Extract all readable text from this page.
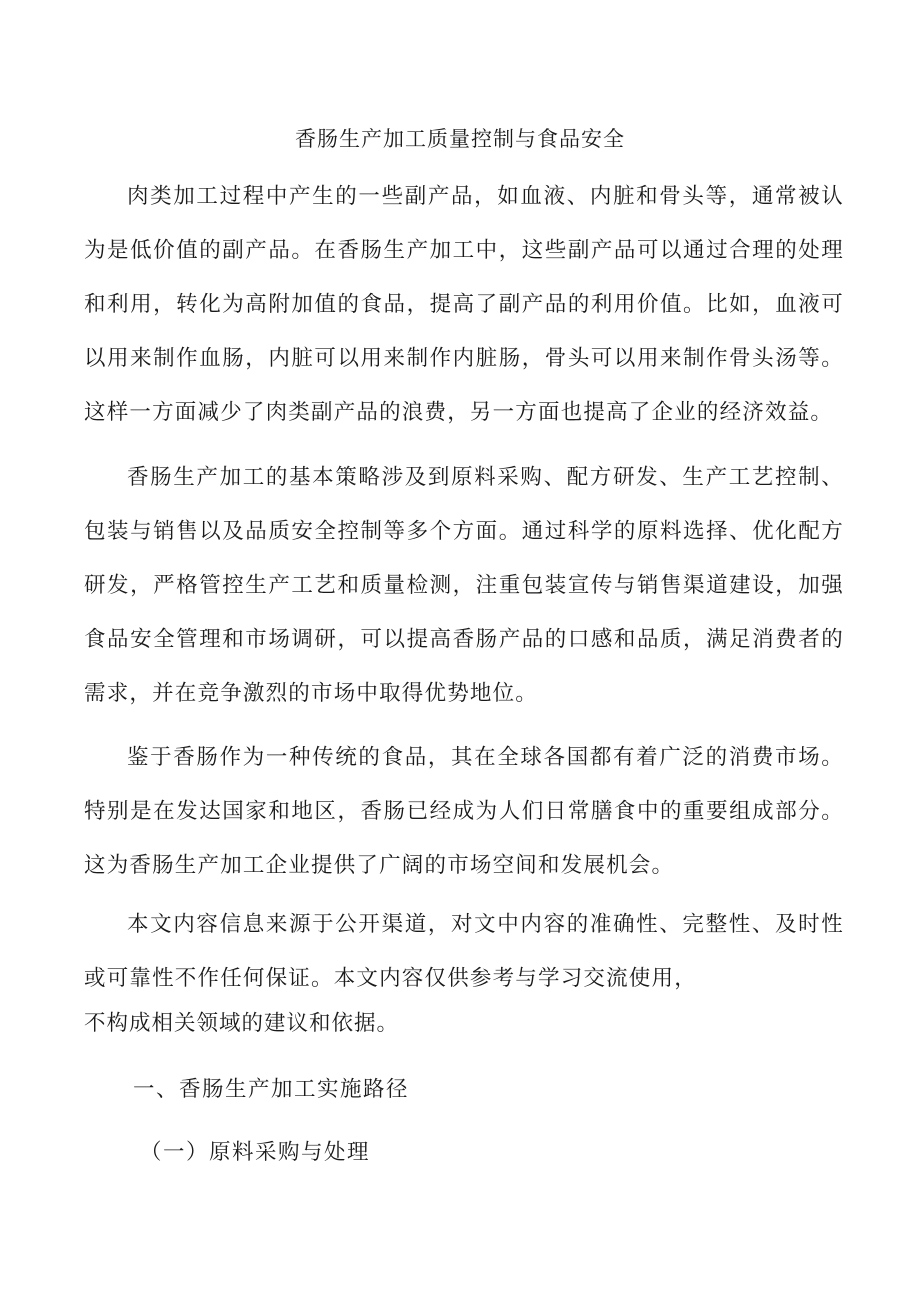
香肠生产加工质量控制与食品安全
肉类加工过程中产生的一些副产品，如血液、内脏和骨头等，通常被认为是低价值的副产品。在香肠生产加工中，这些副产品可以通过合理的处理和利用，转化为高附加值的食品，提高了副产品的利用价值。比如，血液可以用来制作血肠，内脏可以用来制作内脏肠，骨头可以用来制作骨头汤等。这样一方面减少了肉类副产品的浪费，另一方面也提高了企业的经济效益。
香肠生产加工的基本策略涉及到原料采购、配方研发、生产工艺控制、包装与销售以及品质安全控制等多个方面。通过科学的原料选择、优化配方研发，严格管控生产工艺和质量检测，注重包装宣传与销售渠道建设，加强食品安全管理和市场调研，可以提高香肠产品的口感和品质，满足消费者的需求，并在竞争激烈的市场中取得优势地位。
鉴于香肠作为一种传统的食品，其在全球各国都有着广泛的消费市场。特别是在发达国家和地区，香肠已经成为人们日常膳食中的重要组成部分。这为香肠生产加工企业提供了广阔的市场空间和发展机会。
本文内容信息来源于公开渠道，对文中内容的准确性、完整性、及时性或可靠性不作任何保证。本文内容仅供参考与学习交流使用，
不构成相关领域的建议和依据。
一、香肠生产加工实施路径
（一）原料采购与处理
